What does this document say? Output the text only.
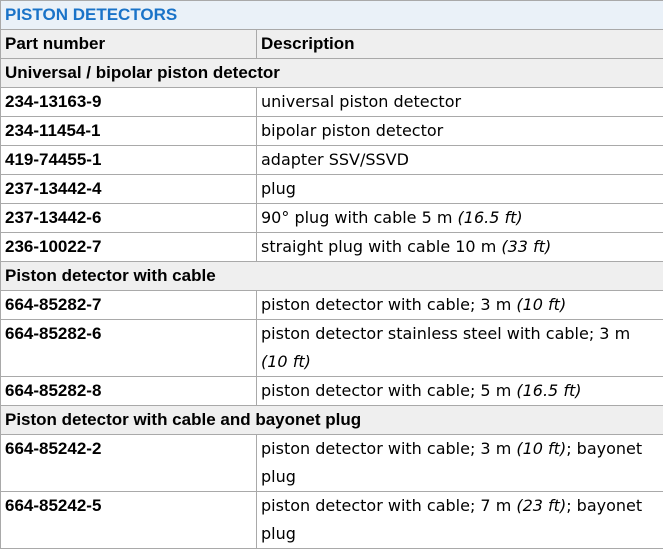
PISTON DETECTORS	
Part number	Description
Universal / bipolar piston detector	
234-13163-9	universal piston detector
234-11454-1	bipolar piston detector
419-74455-1	adapter SSV/SSVD
237-13442-4	plug
237-13442-6	90° plug with cable 5 m (16.5 ft)
236-10022-7	straight plug with cable 10 m (33 ft)
Piston detector with cable	
664-85282-7	piston detector with cable; 3 m (10 ft)
664-85282-6	piston detector stainless steel with cable; 3 m (10 ft)
664-85282-8	piston detector with cable; 5 m (16.5 ft)
Piston detector with cable and bayonet plug	
664-85242-2	piston detector with cable; 3 m (10 ft); bayonet plug
664-85242-5	piston detector with cable; 7 m (23 ft); bayonet plug
